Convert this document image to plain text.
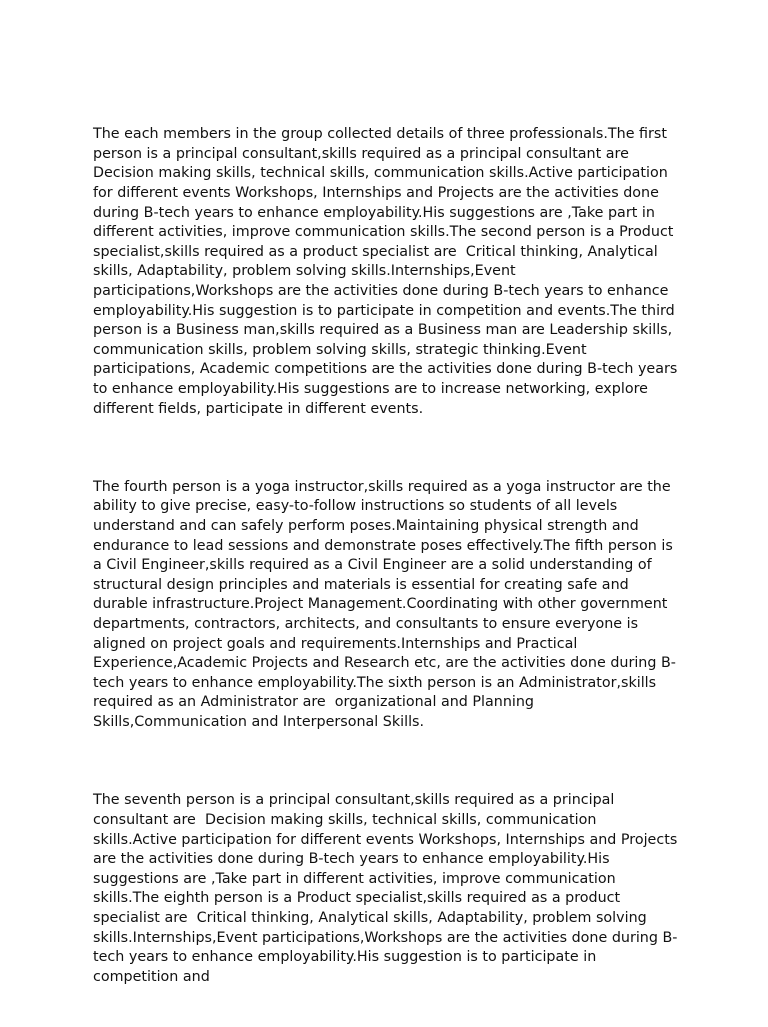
The each members in the group collected details of three professionals.The first person is a principal consultant,skills required as a principal consultant are  Decision making skills, technical skills, communication skills.Active participation for different events Workshops, Internships and Projects are the activities done during B-tech years to enhance employability.His suggestions are ,Take part in different activities, improve communication skills.The second person is a Product specialist,skills required as a product specialist are  Critical thinking, Analytical skills, Adaptability, problem solving skills.Internships,Event participations,Workshops are the activities done during B-tech years to enhance employability.His suggestion is to participate in competition and events.The third person is a Business man,skills required as a Business man are Leadership skills, communication skills, problem solving skills, strategic thinking.Event participations, Academic competitions are the activities done during B-tech years to enhance employability.His suggestions are to increase networking, explore different fields, participate in different events.

The fourth person is a yoga instructor,skills required as a yoga instructor are the ability to give precise, easy-to-follow instructions so students of all levels understand and can safely perform poses.Maintaining physical strength and endurance to lead sessions and demonstrate poses effectively.The fifth person is a Civil Engineer,skills required as a Civil Engineer are a solid understanding of structural design principles and materials is essential for creating safe and durable infrastructure.Project Management.Coordinating with other government departments, contractors, architects, and consultants to ensure everyone is aligned on project goals and requirements.Internships and Practical Experience,Academic Projects and Research etc, are the activities done during B-tech years to enhance employability.The sixth person is an Administrator,skills required as an Administrator are  organizational and Planning Skills,Communication and Interpersonal Skills.

The seventh person is a principal consultant,skills required as a principal consultant are  Decision making skills, technical skills, communication skills.Active participation for different events Workshops, Internships and Projects are the activities done during B-tech years to enhance employability.His suggestions are ,Take part in different activities, improve communication skills.The eighth person is a Product specialist,skills required as a product specialist are  Critical thinking, Analytical skills, Adaptability, problem solving skills.Internships,Event participations,Workshops are the activities done during B-tech years to enhance employability.His suggestion is to participate in competition and
